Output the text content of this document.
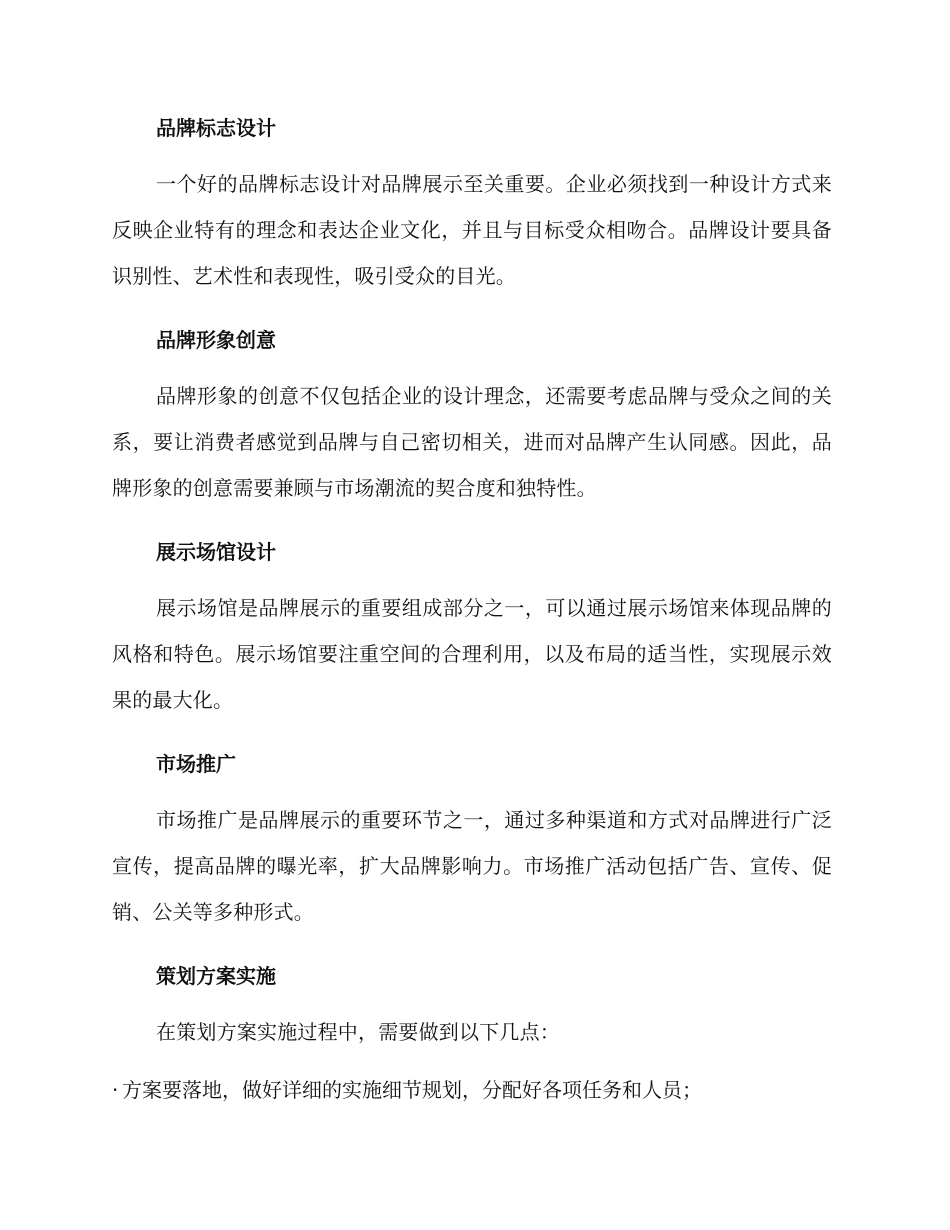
品牌标志设计

一个好的品牌标志设计对品牌展示至关重要。企业必须找到一种设计方式来反映企业特有的理念和表达企业文化，并且与目标受众相吻合。品牌设计要具备识别性、艺术性和表现性，吸引受众的目光。

品牌形象创意

品牌形象的创意不仅包括企业的设计理念，还需要考虑品牌与受众之间的关系，要让消费者感觉到品牌与自己密切相关，进而对品牌产生认同感。因此，品牌形象的创意需要兼顾与市场潮流的契合度和独特性。

展示场馆设计

展示场馆是品牌展示的重要组成部分之一，可以通过展示场馆来体现品牌的风格和特色。展示场馆要注重空间的合理利用，以及布局的适当性，实现展示效果的最大化。

市场推广

市场推广是品牌展示的重要环节之一，通过多种渠道和方式对品牌进行广泛宣传，提高品牌的曝光率，扩大品牌影响力。市场推广活动包括广告、宣传、促销、公关等多种形式。

策划方案实施

在策划方案实施过程中，需要做到以下几点：

· 方案要落地，做好详细的实施细节规划，分配好各项任务和人员；
